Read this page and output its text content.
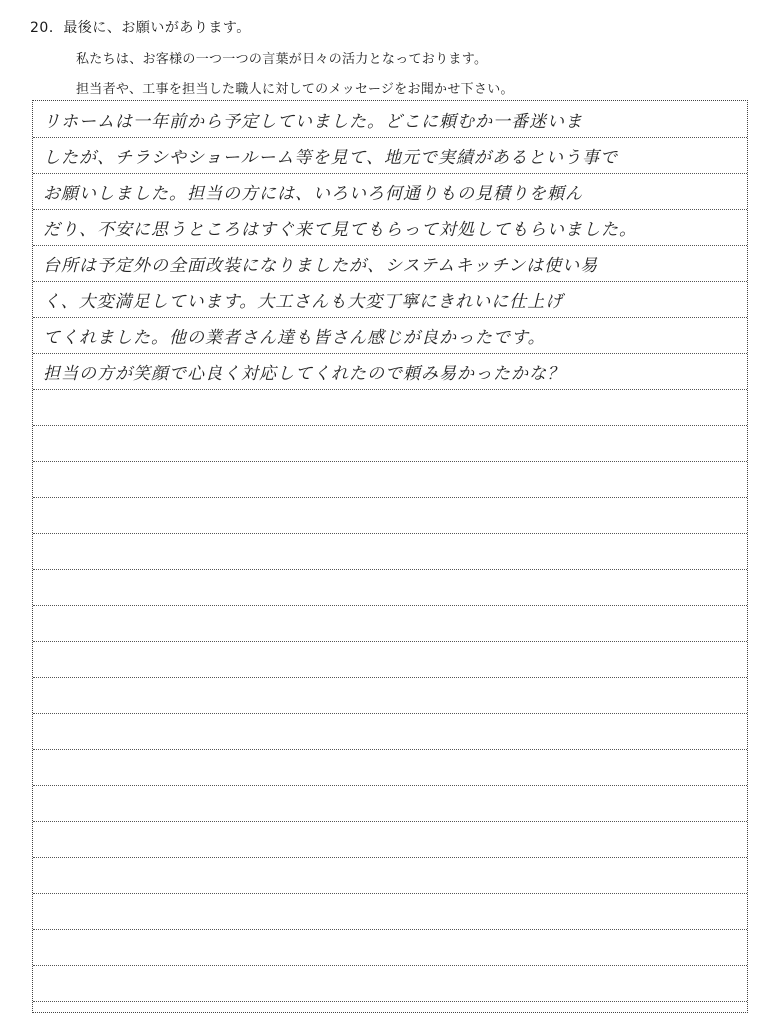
20．最後に、お願いがあります。
私たちは、お客様の一つ一つの言葉が日々の活力となっております。
担当者や、工事を担当した職人に対してのメッセージをお聞かせ下さい。
リホームは一年前から予定していました。どこに頼むか一番迷いま
したが、チラシやショールーム等を見て、地元で実績があるという事で
お願いしました。担当の方には、いろいろ何通りもの見積りを頼ん
だり、不安に思うところはすぐ来て見てもらって対処してもらいました。
台所は予定外の全面改装になりましたが、システムキッチンは使い易
く、大変満足しています。大工さんも大変丁寧にきれいに仕上げ
てくれました。他の業者さん達も皆さん感じが良かったです。
担当の方が笑顔で心良く対応してくれたので頼み易かったかな？
